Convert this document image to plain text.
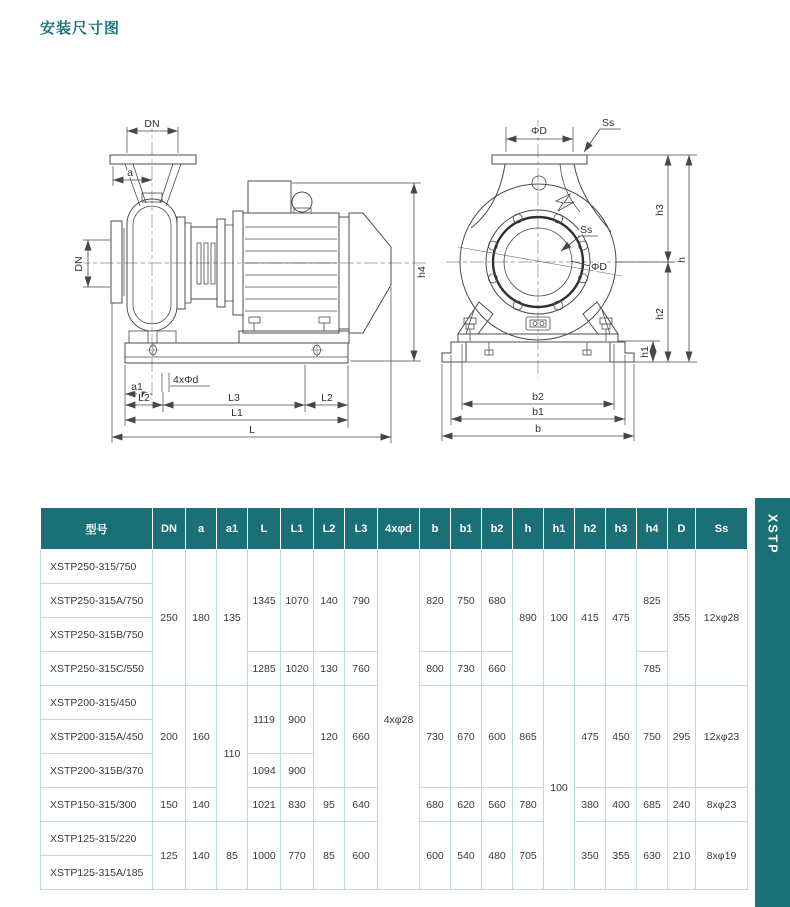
安装尺寸图
DN
a
DN
h4
a1
4xΦd
L2	L3	L2
L1
L
Ss
ΦD
ΦD
Ss
h3
h2
h
h1
b2
b1
b
型号	DN	a	a1	L	L1	L2	L3	4xφd	b	b1	b2	h	h1	h2	h3	h4	D	Ss
XSTP250-315/750	250	180	135	1345	1070	140	790	4xφ28	820	750	680	890	100	415	475	825	355	12xφ28
XSTP250-315A/750																		
XSTP250-315B/750																		
XSTP250-315C/550				1285	1020	130	760		800	730	660					785		
XSTP200-315/450	200	160	110	1119	900	120	660		730	670	600	865	100	475	450	750	295	12xφ23
XSTP200-315A/450																		
XSTP200-315B/370				1094	900													
XSTP150-315/300	150	140		1021	830	95	640		680	620	560	780		380	400	685	240	8xφ23
XSTP125-315/220	125	140	85	1000	770	85	600		600	540	480	705		350	355	630	210	8xφ19
XSTP125-315A/185																		
XSTP
